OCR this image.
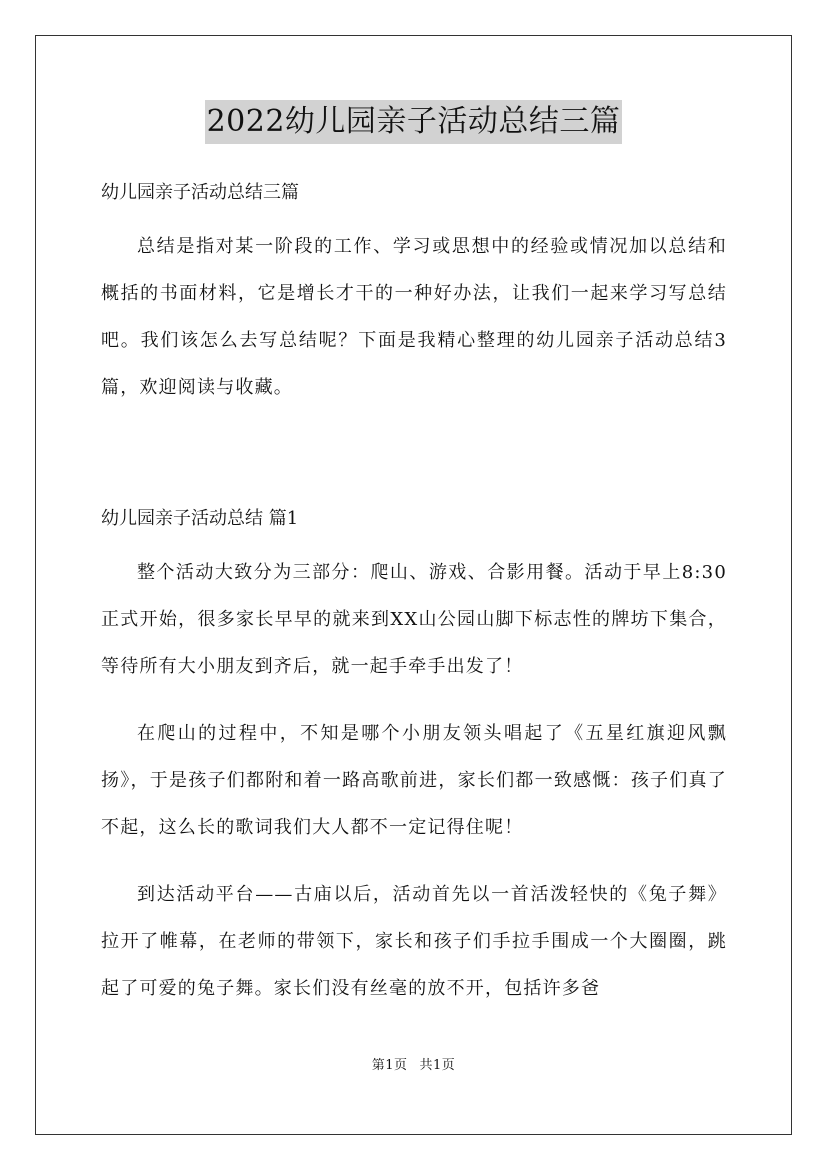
2022幼儿园亲子活动总结三篇
幼儿园亲子活动总结三篇

总结是指对某一阶段的工作、学习或思想中的经验或情况加以总结和概括的书面材料，它是增长才干的一种好办法，让我们一起来学习写总结吧。我们该怎么去写总结呢？下面是我精心整理的幼儿园亲子活动总结3篇，欢迎阅读与收藏。

幼儿园亲子活动总结 篇1

整个活动大致分为三部分：爬山、游戏、合影用餐。活动于早上8:30正式开始，很多家长早早的就来到XX山公园山脚下标志性的牌坊下集合，等待所有大小朋友到齐后，就一起手牵手出发了！

在爬山的过程中，不知是哪个小朋友领头唱起了《五星红旗迎风飘扬》，于是孩子们都附和着一路高歌前进，家长们都一致感慨：孩子们真了不起，这么长的歌词我们大人都不一定记得住呢！

到达活动平台——古庙以后，活动首先以一首活泼轻快的《兔子舞》拉开了帷幕，在老师的带领下，家长和孩子们手拉手围成一个大圈圈，跳起了可爱的兔子舞。家长们没有丝毫的放不开，包括许多爸

第1页 共1页
